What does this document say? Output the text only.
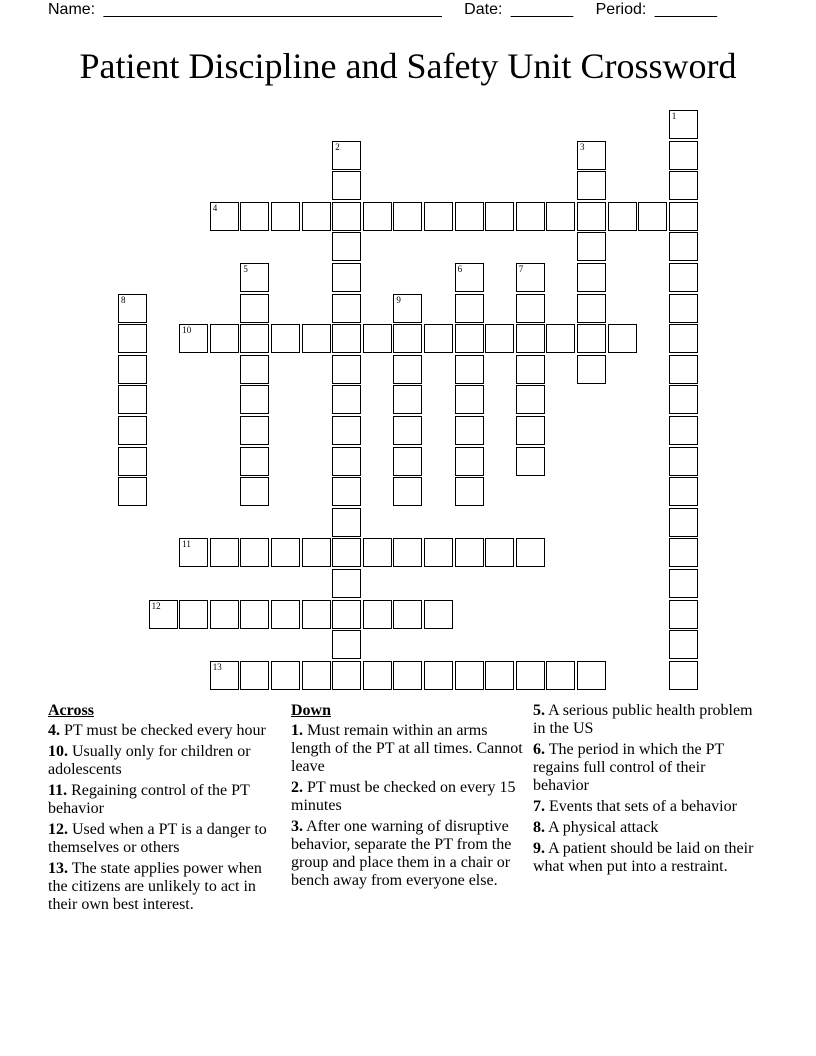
Name: ______________________________________ Date: _______ Period: _______
Patient Discipline and Safety Unit Crossword
4
10
11
12
13
1
2	3
5	6	7
8	9
Across
4. PT must be checked every hour
10. Usually only for children or adolescents
11. Regaining control of the PT behavior
12. Used when a PT is a danger to themselves or others
13. The state applies power when the citizens are unlikely to act in their own best interest.
Down
1. Must remain within an arms length of the PT at all times. Cannot leave
2. PT must be checked on every 15 minutes
3. After one warning of disruptive behavior, separate the PT from the group and place them in a chair or bench away from everyone else.
5. A serious public health problem in the US
6. The period in which the PT regains full control of their behavior
7. Events that sets of a behavior
8. A physical attack
9. A patient should be laid on their what when put into a restraint.
